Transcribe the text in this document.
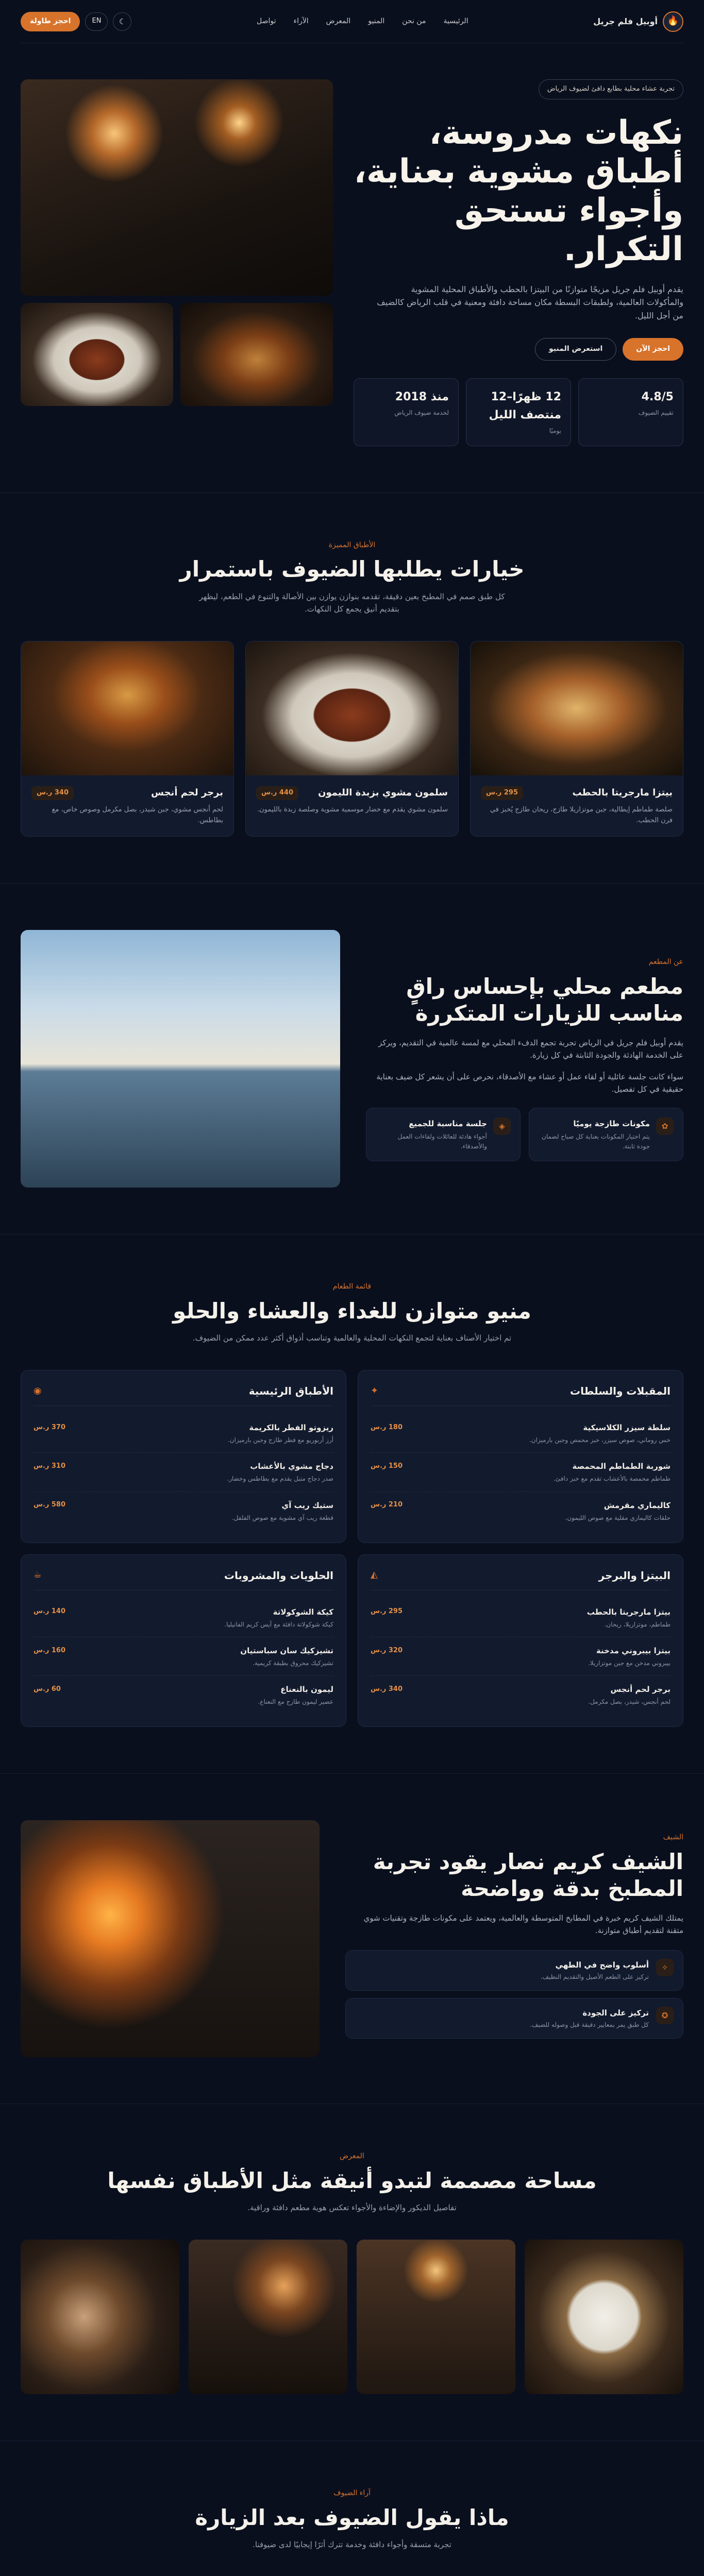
🔥
أوبيل فلم جريل
الرئيسية
من نحن
المنيو
المعرض
الآراء
تواصل
☾
EN
احجز طاولة
تجربة عشاء محلية بطابع دافئ لضيوف الرياض
نكهات مدروسة، أطباق مشوية بعناية، وأجواء تستحق التكرار.

يقدم أوبيل فلم جريل مزيجًا متوازنًا من البيتزا بالحطب والأطباق المحلية المشوية والمأكولات العالمية، ولطبقات البسطة مكان مساحة دافئة ومعنية في قلب الرياض كالضيف من أجل الليل.

احجز الآن
استعرض المنيو
4.8/5
تقييم الضيوف
12 ظهرًا–12 منتصف الليل
يوميًا
منذ 2018
لخدمة ضيوف الرياض
الأطباق المميزة
خيارات يطلبها الضيوف باستمرار

كل طبق صمم في المطبخ بعين دقيقة، تقدمه بنوازن يوازن بين الأصالة والتنوع في الطعم، ليظهر بتقديم أنيق يجمع كل النكهات.

بيتزا مارجريتا بالحطب
295 ر.س

صلصة طماطم إيطالية، جبن موتزاريلا طازج، ريحان طازج يُخبز في فرن الحطب.

سلمون مشوي بزبدة الليمون
440 ر.س

سلمون مشوي يقدم مع خضار موسمية مشوية وصلصة زبدة بالليمون.

برجر لحم أنجس
340 ر.س

لحم أنجس مشوي، جبن شيدر، بصل مكرمل وصوص خاص، مع بطاطس.

عن المطعم
مطعم محلي بإحساس راقٍ مناسب للزيارات المتكررة

يقدم أوبيل فلم جريل في الرياض تجربة تجمع الدفء المحلي مع لمسة عالمية في التقديم، ويركز على الخدمة الهادئة والجودة الثابتة في كل زيارة.

سواء كانت جلسة عائلية أو لقاء عمل أو عشاء مع الأصدقاء، نحرص على أن يشعر كل ضيف بعناية حقيقية في كل تفصيل.

✿
مكونات طازجة يوميًا

يتم اختيار المكونات بعناية كل صباح لضمان جودة ثابتة.

◈
جلسة مناسبة للجميع

أجواء هادئة للعائلات ولقاءات العمل والأصدقاء.

قائمة الطعام
منيو متوازن للغداء والعشاء والحلو

تم اختيار الأصناف بعناية لتجمع النكهات المحلية والعالمية وتناسب أذواق أكثر عدد ممكن من الضيوف.

المقبلات والسلطات
✦
سلطة سيزر الكلاسيكية
180 ر.س

خس روماني، صوص سيزر، خبز محمص وجبن بارميزان.

شوربة الطماطم المحمصة
150 ر.س

طماطم محمصة بالأعشاب تقدم مع خبز دافئ.

كاليماري مقرمش
210 ر.س

حلقات كاليماري مقلية مع صوص الليمون.

الأطباق الرئيسية
◉
ريزوتو الفطر بالكريمة
370 ر.س

أرز أربوريو مع فطر طازج وجبن بارميزان.

دجاج مشوي بالأعشاب
310 ر.س

صدر دجاج متبل يقدم مع بطاطس وخضار.

ستيك ريب آي
580 ر.س

قطعة ريب آي مشوية مع صوص الفلفل.

البيتزا والبرجر
◭
بيتزا مارجريتا بالحطب
295 ر.س

طماطم، موتزاريلا، ريحان.

بيتزا بيبروني مدخنة
320 ر.س

بيبروني مدخن مع جبن موتزاريلا.

برجر لحم أنجس
340 ر.س

لحم أنجس، شيدر، بصل مكرمل.

الحلويات والمشروبات
☕
كيكة الشوكولاتة
140 ر.س

كيكة شوكولاتة دافئة مع آيس كريم الفانيليا.

تشيزكيك سان سباستيان
160 ر.س

تشيزكيك محروق بطبقة كريمية.

ليمون بالنعناع
60 ر.س

عصير ليمون طازج مع النعناع.

الشيف
الشيف كريم نصار يقود تجربة المطبخ بدقة وواضحة

يمتلك الشيف كريم خبرة في المطابخ المتوسطة والعالمية، ويعتمد على مكونات طازجة وتقنيات شوي متقنة لتقديم أطباق متوازنة.

✧
أسلوب واضح في الطهي

تركيز على الطعم الأصيل والتقديم النظيف.

✪
تركيز على الجودة

كل طبق يمر بمعايير دقيقة قبل وصوله للضيف.

المعرض
مساحة مصممة لتبدو أنيقة مثل الأطباق نفسها

تفاصيل الديكور والإضاءة والأجواء تعكس هوية مطعم دافئة وراقية.

آراء الضيوف
ماذا يقول الضيوف بعد الزيارة

تجربة متسقة وأجواء دافئة وخدمة تترك أثرًا إيجابيًا لدى ضيوفنا.
